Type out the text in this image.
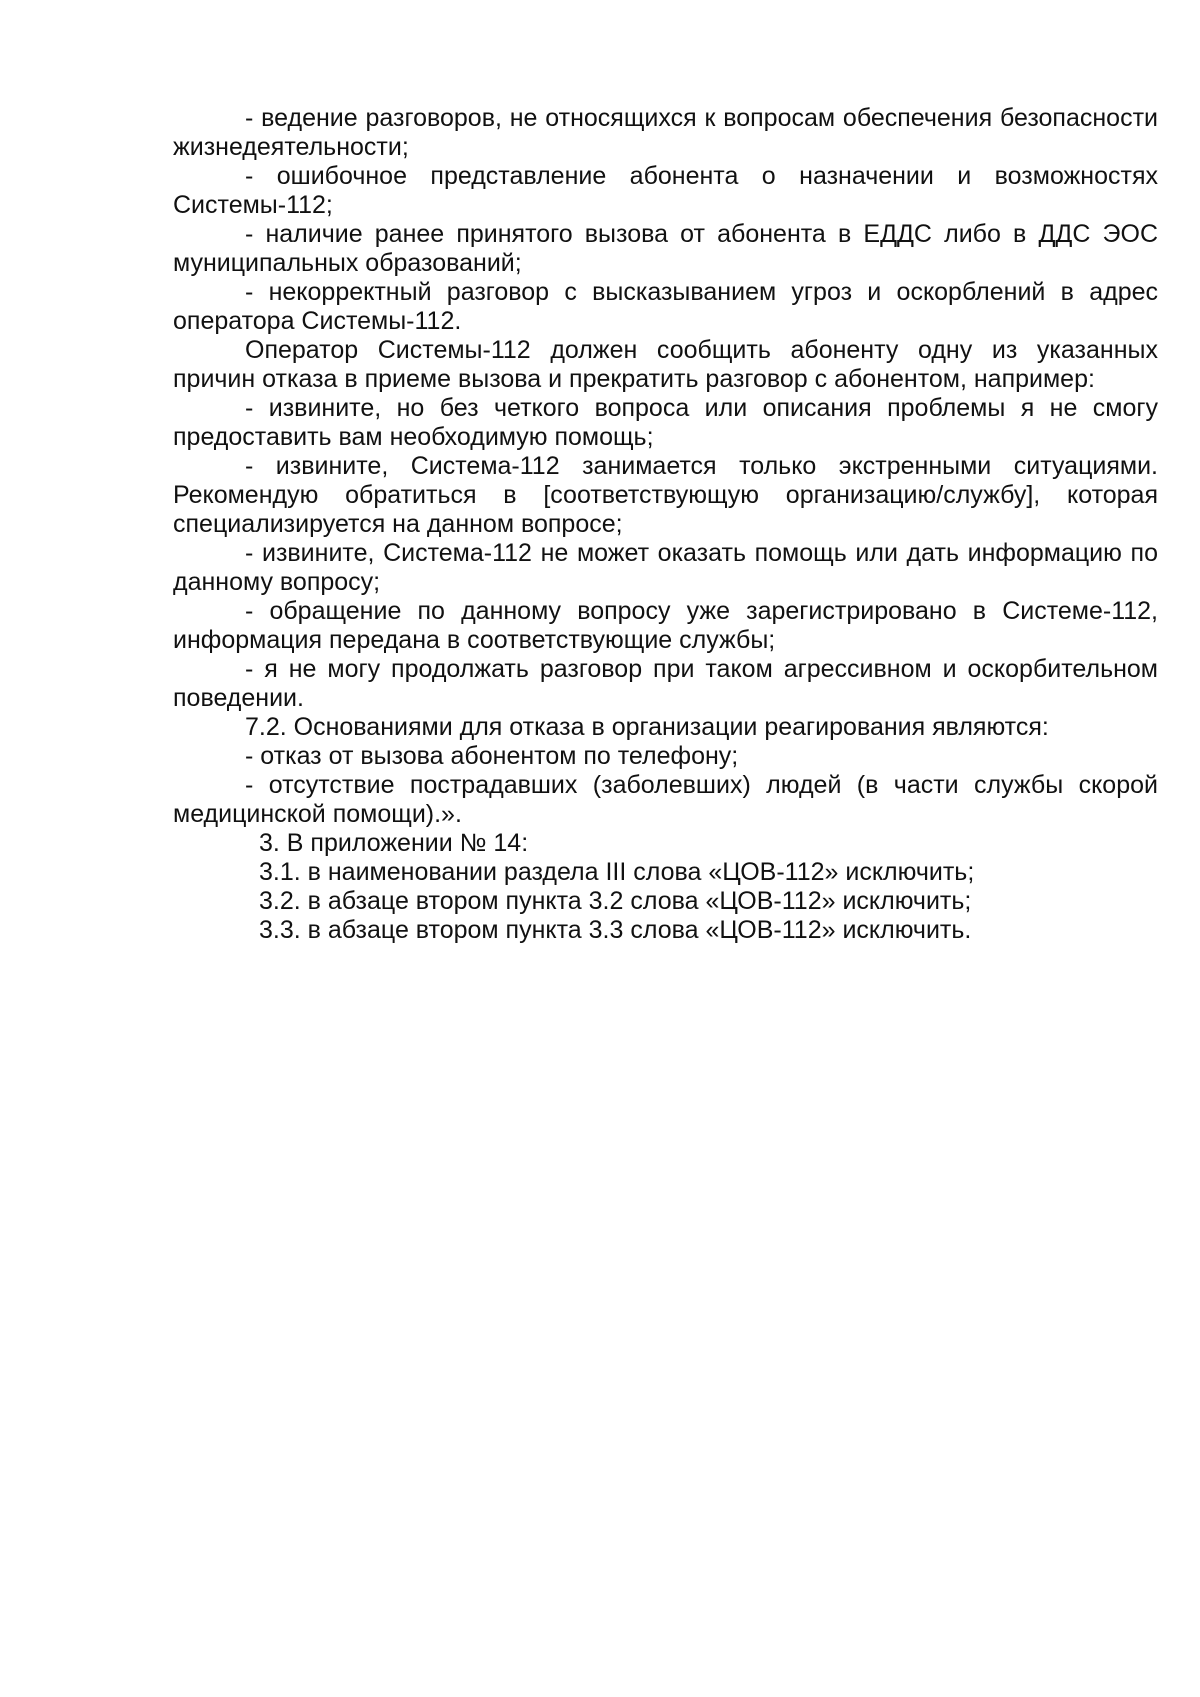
- ведение разговоров, не относящихся к вопросам обеспечения безопасности жизнедеятельности;

- ошибочное представление абонента о назначении и возможностях Системы-112;

- наличие ранее принятого вызова от абонента в ЕДДС либо в ДДС ЭОС муниципальных образований;

- некорректный разговор с высказыванием угроз и оскорблений в адрес оператора Системы-112.

Оператор Системы-112 должен сообщить абоненту одну из указанных причин отказа в приеме вызова и прекратить разговор с абонентом, например:

- извините, но без четкого вопроса или описания проблемы я не смогу предоставить вам необходимую помощь;

- извините, Система-112 занимается только экстренными ситуациями. Рекомендую обратиться в [соответствующую организацию/службу], которая специализируется на данном вопросе;

- извините, Система-112 не может оказать помощь или дать информацию по данному вопросу;

- обращение по данному вопросу уже зарегистрировано в Системе-112, информация передана в соответствующие службы;

- я не могу продолжать разговор при таком агрессивном и оскорбительном поведении.

7.2. Основаниями для отказа в организации реагирования являются:

- отказ от вызова абонентом по телефону;

- отсутствие пострадавших (заболевших) людей (в части службы скорой медицинской помощи).».

3. В приложении № 14:

3.1. в наименовании раздела III слова «ЦОВ-112» исключить;

3.2. в абзаце втором пункта 3.2 слова «ЦОВ-112» исключить;

3.3. в абзаце втором пункта 3.3 слова «ЦОВ-112» исключить.
